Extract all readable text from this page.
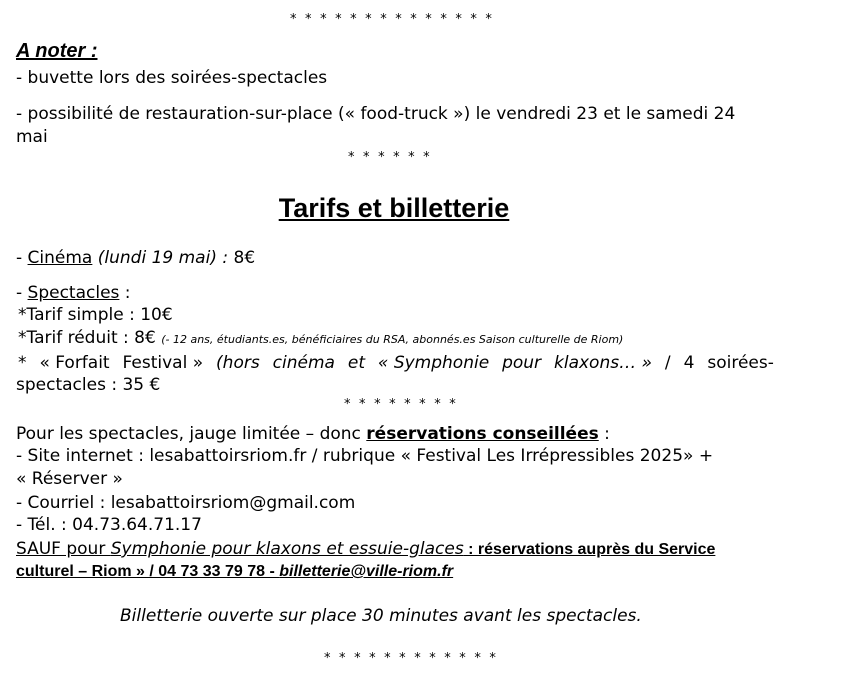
* * * * * * * * * * * * * *
A noter :
- buvette lors des soirées-spectacles
- possibilité de restauration-sur-place (« food-truck ») le vendredi 23 et le samedi 24
mai
* * * * * *
Tarifs et billetterie
- Cinéma (lundi 19 mai) : 8€
- Spectacles :
*Tarif simple : 10€
*Tarif réduit : 8€ (- 12 ans, étudiants.es, bénéficiaires du RSA, abonnés.es Saison culturelle de Riom)
* « Forfait Festival » (hors cinéma et « Symphonie pour klaxons… » / 4 soirées-
spectacles : 35 €
* * * * * * * *
Pour les spectacles, jauge limitée – donc réservations conseillées :
- Site internet : lesabattoirsriom.fr / rubrique « Festival Les Irrépressibles 2025» +
« Réserver »
- Courriel : lesabattoirsriom@gmail.com
- Tél. : 04.73.64.71.17
SAUF pour Symphonie pour klaxons et essuie-glaces : réservations auprès du Service
culturel – Riom » / 04 73 33 79 78 - billetterie@ville-riom.fr
Billetterie ouverte sur place 30 minutes avant les spectacles.
* * * * * * * * * * * *
